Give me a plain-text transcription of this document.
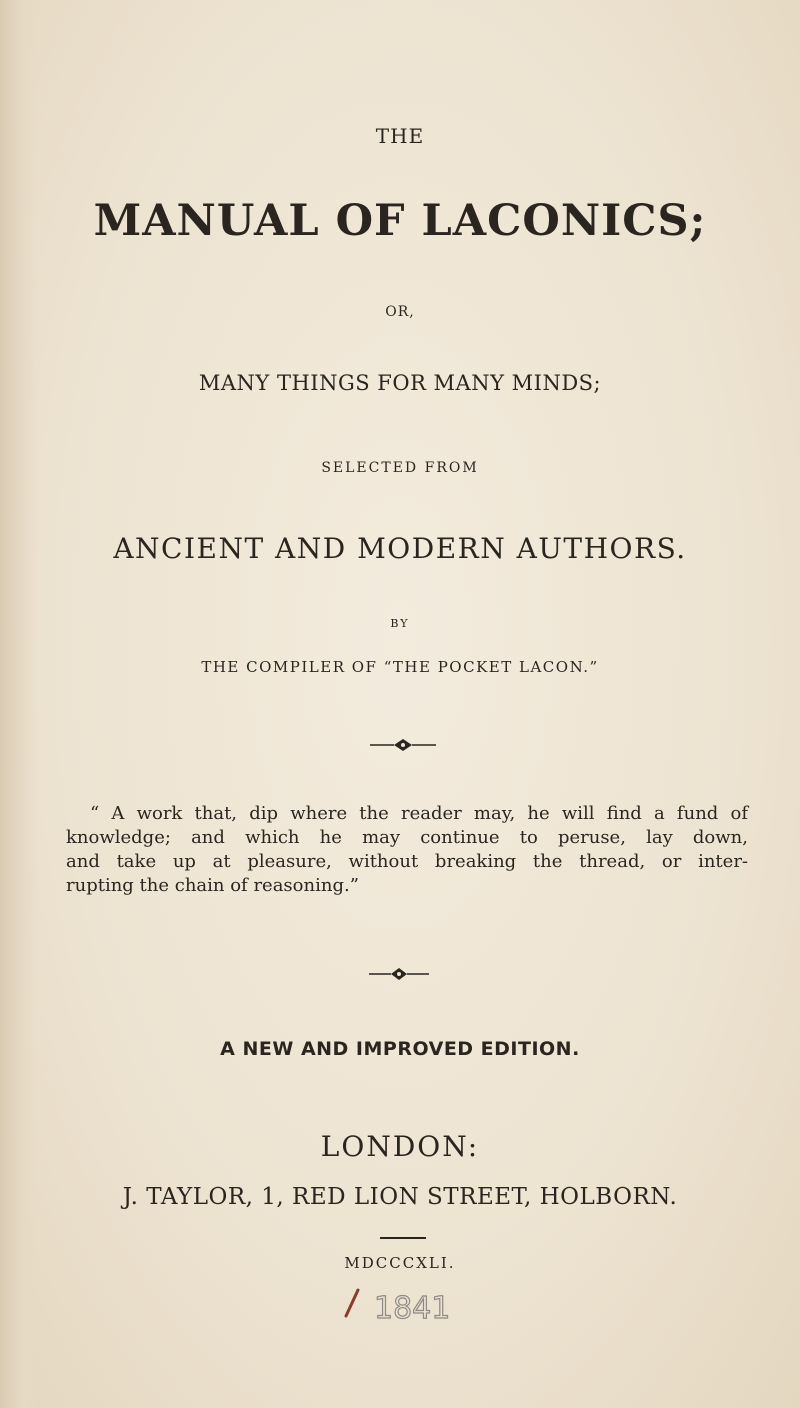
THE
MANUAL OF LACONICS;
OR,
MANY THINGS FOR MANY MINDS;
SELECTED FROM
ANCIENT AND MODERN AUTHORS.
BY
THE COMPILER OF “THE POCKET LACON.”
“ A work that, dip where the reader may, he will find a fund of
knowledge; and which he may continue to peruse, lay down,
and take up at pleasure, without breaking the thread, or inter-
rupting the chain of reasoning.”
A NEW AND IMPROVED EDITION.
LONDON:
J. TAYLOR, 1, RED LION STREET, HOLBORN.
MDCCCXLI.
1841
